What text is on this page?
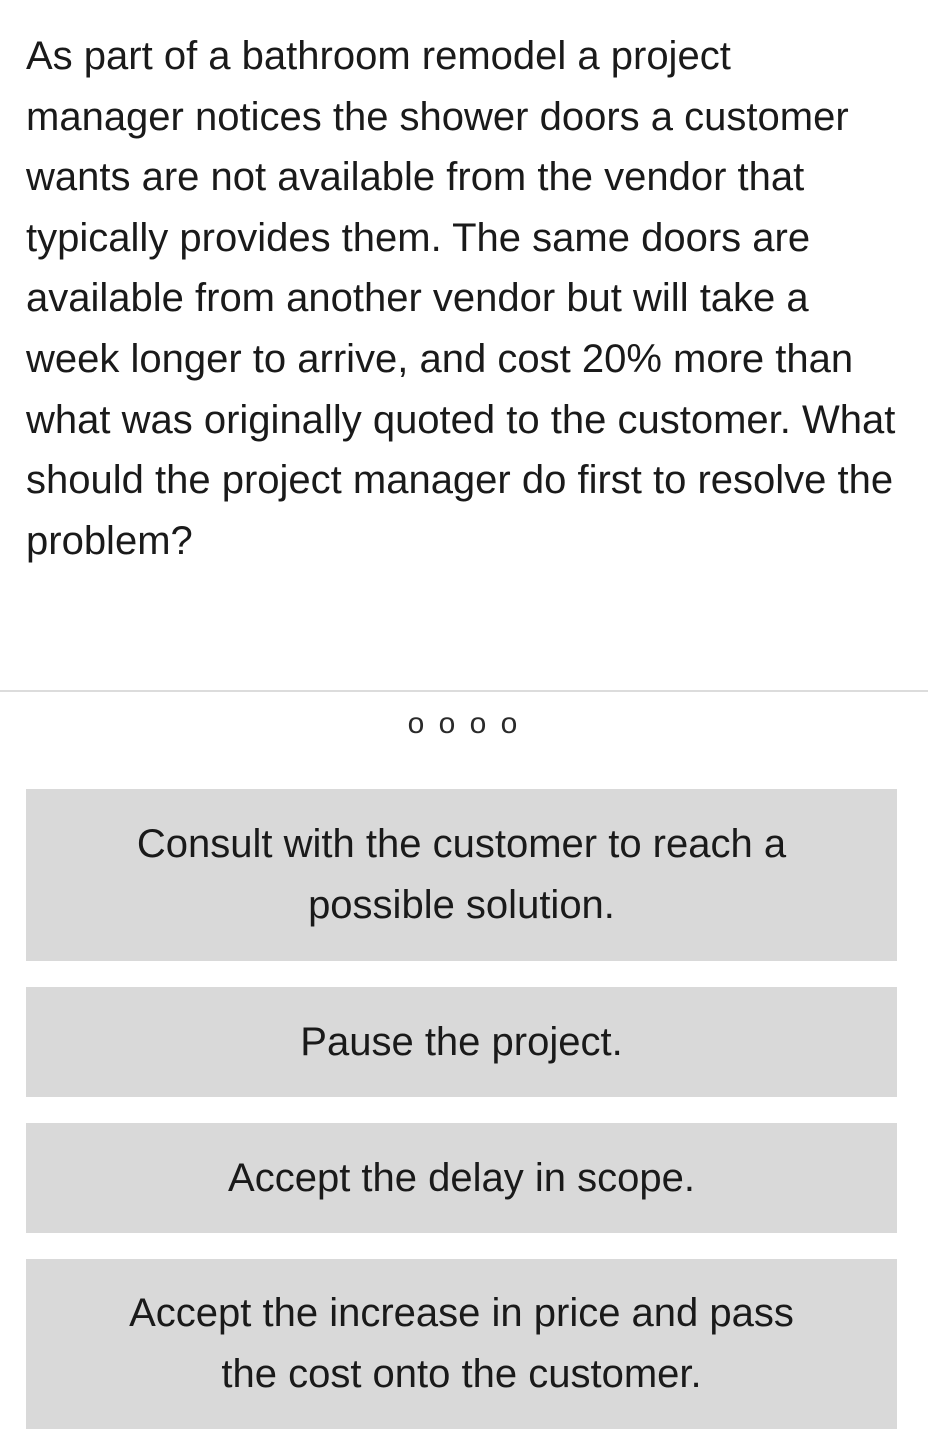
As part of a bathroom remodel a project manager notices the shower doors a customer wants are not available from the vendor that typically provides them. The same doors are available from another vendor but will take a week longer to arrive, and cost 20% more than what was originally quoted to the customer. What should the project manager do first to resolve the problem?

o o o o
Consult with the customer to reach a possible solution.
Pause the project.
Accept the delay in scope.
Accept the increase in price and pass the cost onto the customer.
